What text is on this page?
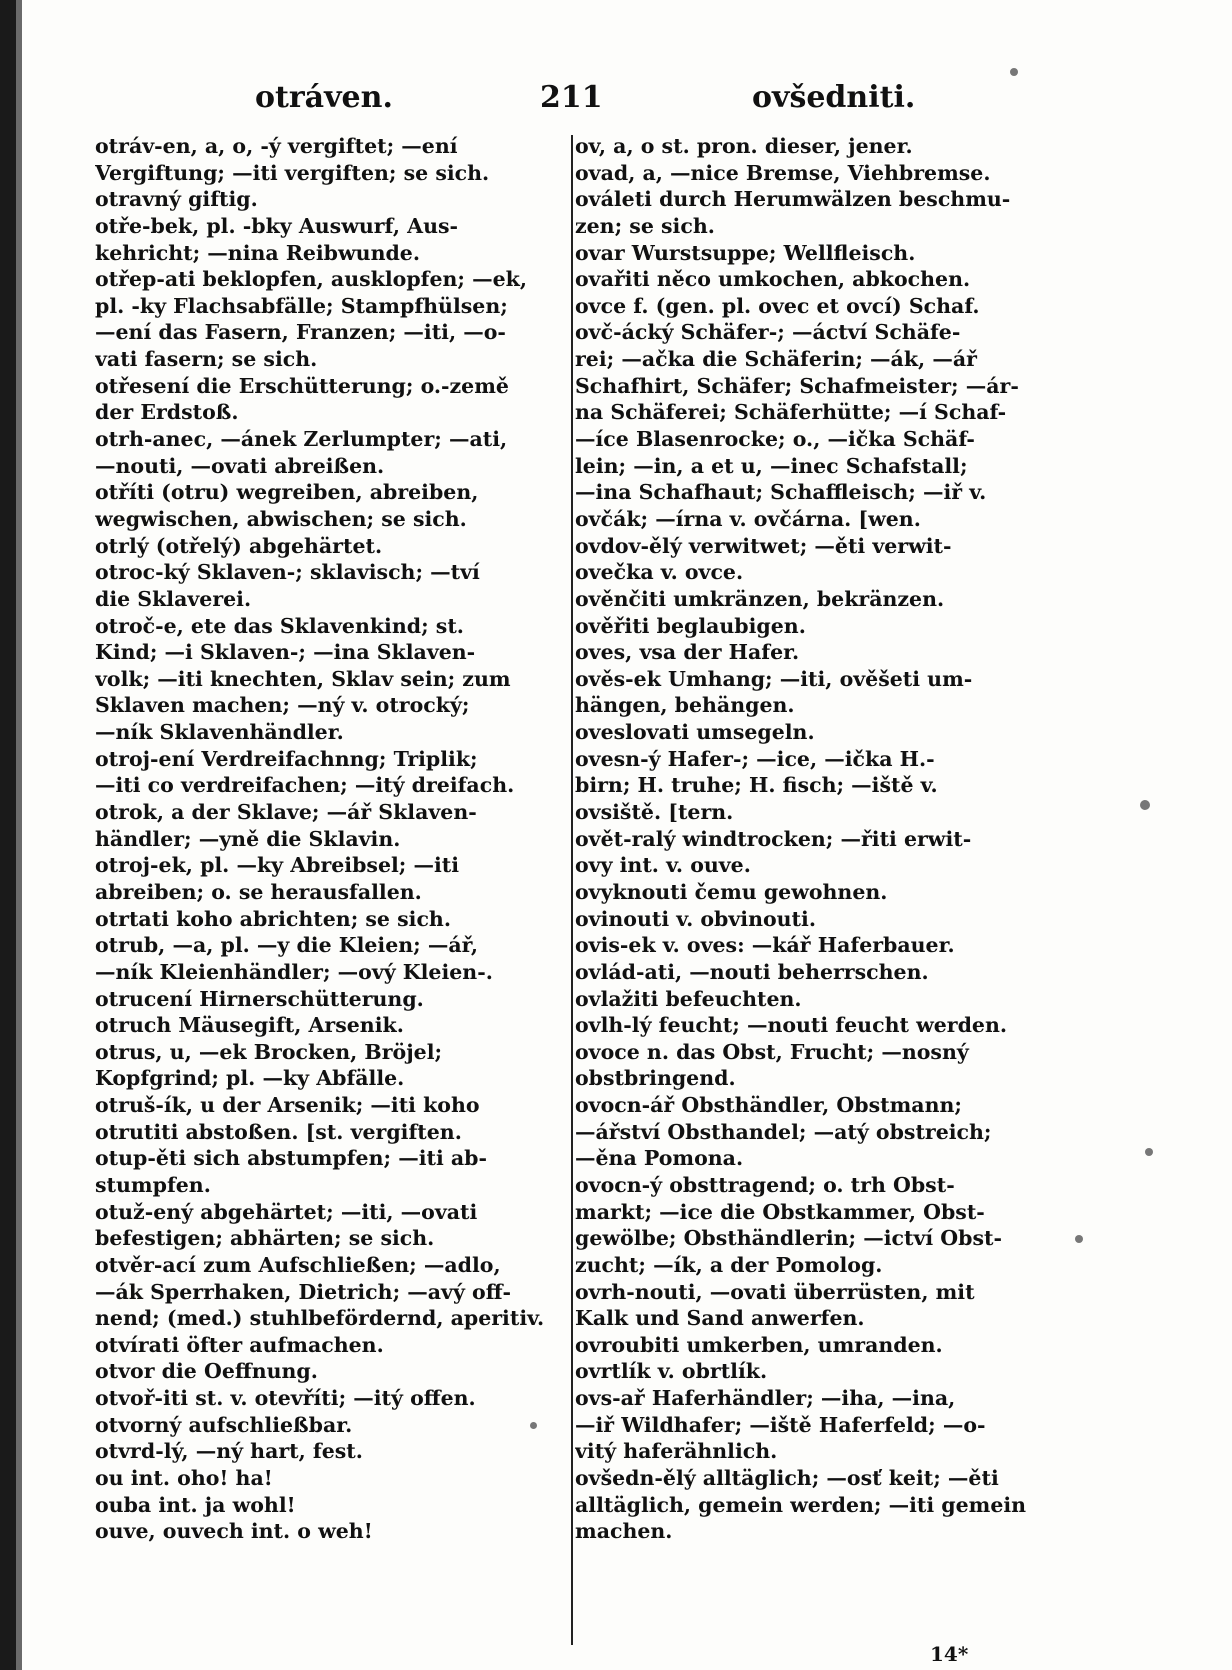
otráven.	211	ovšedniti.
otráv-en, a, o, -ý vergiftet; —ení
Vergiftung; —iti vergiften; se sich.
otravný giftig.
otře-bek, pl. -bky Auswurf, Aus-
kehricht; —nina Reibwunde.
otřep-ati beklopfen, ausklopfen; —ek,
pl. -ky Flachsabfälle; Stampfhülsen;
—ení das Fasern, Franzen; —iti, —o-
vati fasern; se sich.
otřesení die Erschütterung; o.-země
der Erdstoß.
otrh-anec, —ánek Zerlumpter; —ati,
—nouti, —ovati abreißen.
otříti (otru) wegreiben, abreiben,
wegwischen, abwischen; se sich.
otrlý (otřelý) abgehärtet.
otroc-ký Sklaven-; sklavisch; —tví
die Sklaverei.
otroč-e, ete das Sklavenkind; st.
Kind; —i Sklaven-; —ina Sklaven-
volk; —iti knechten, Sklav sein; zum
Sklaven machen; —ný v. otrocký;
—ník Sklavenhändler.
otroj-ení Verdreifachnng; Triplik;
—iti co verdreifachen; —itý dreifach.
otrok, a der Sklave; —ář Sklaven-
händler; —yně die Sklavin.
otroj-ek, pl. —ky Abreibsel; —iti
abreiben; o. se herausfallen.
otrtati koho abrichten; se sich.
otrub, —a, pl. —y die Kleien; —ář,
—ník Kleienhändler; —ový Kleien-.
otrucení Hirnerschütterung.
otruch Mäusegift, Arsenik.
otrus, u, —ek Brocken, Bröjel;
Kopfgrind; pl. —ky Abfälle.
otruš-ík, u der Arsenik; —iti koho
otrutiti abstoßen. [st. vergiften.
otup-ěti sich abstumpfen; —iti ab-
stumpfen.
otuž-ený abgehärtet; —iti, —ovati
befestigen; abhärten; se sich.
otvěr-ací zum Aufschließen; —adlo,
—ák Sperrhaken, Dietrich; —avý off-
nend; (med.) stuhlbefördernd, aperitiv.
otvírati öfter aufmachen.
otvor die Oeffnung.
otvoř-iti st. v. otevříti; —itý offen.
otvorný aufschließbar.
otvrd-lý, —ný hart, fest.
ou int. oho! ha!
ouba int. ja wohl!
ouve, ouvech int. o weh!
ov, a, o st. pron. dieser, jener.
ovad, a, —nice Bremse, Viehbremse.
ováleti durch Herumwälzen beschmu-
zen; se sich.
ovar Wurstsuppe; Wellfleisch.
ovařiti něco umkochen, abkochen.
ovce f. (gen. pl. ovec et ovcí) Schaf.
ovč-ácký Schäfer-; —áctví Schäfe-
rei; —ačka die Schäferin; —ák, —ář
Schafhirt, Schäfer; Schafmeister; —ár-
na Schäferei; Schäferhütte; —í Schaf-
—íce Blasenrocke; o., —ička Schäf-
lein; —in, a et u, —inec Schafstall;
—ina Schafhaut; Schaffleisch; —iř v.
ovčák; —írna v. ovčárna. [wen.
ovdov-ělý verwitwet; —ěti verwit-
ovečka v. ovce.
ověnčiti umkränzen, bekränzen.
ověřiti beglaubigen.
oves, vsa der Hafer.
ověs-ek Umhang; —iti, ověšeti um-
hängen, behängen.
oveslovati umsegeln.
ovesn-ý Hafer-; —ice, —ička H.-
birn; H. truhe; H. fisch; —iště v.
ovsiště. [tern.
ovět-ralý windtrocken; —řiti erwit-
ovy int. v. ouve.
ovyknouti čemu gewohnen.
ovinouti v. obvinouti.
ovis-ek v. oves: —kář Haferbauer.
ovlád-ati, —nouti beherrschen.
ovlažiti befeuchten.
ovlh-lý feucht; —nouti feucht werden.
ovoce n. das Obst, Frucht; —nosný
obstbringend.
ovocn-ář Obsthändler, Obstmann;
—ářství Obsthandel; —atý obstreich;
—ěna Pomona.
ovocn-ý obsttragend; o. trh Obst-
markt; —ice die Obstkammer, Obst-
gewölbe; Obsthändlerin; —ictví Obst-
zucht; —ík, a der Pomolog.
ovrh-nouti, —ovati überrüsten, mit
Kalk und Sand anwerfen.
ovroubiti umkerben, umranden.
ovrtlík v. obrtlík.
ovs-ař Haferhändler; —iha, —ina,
—iř Wildhafer; —iště Haferfeld; —o-
vitý haferähnlich.
ovšedn-ělý alltäglich; —osť keit; —ěti
alltäglich, gemein werden; —iti gemein
machen.
14*
